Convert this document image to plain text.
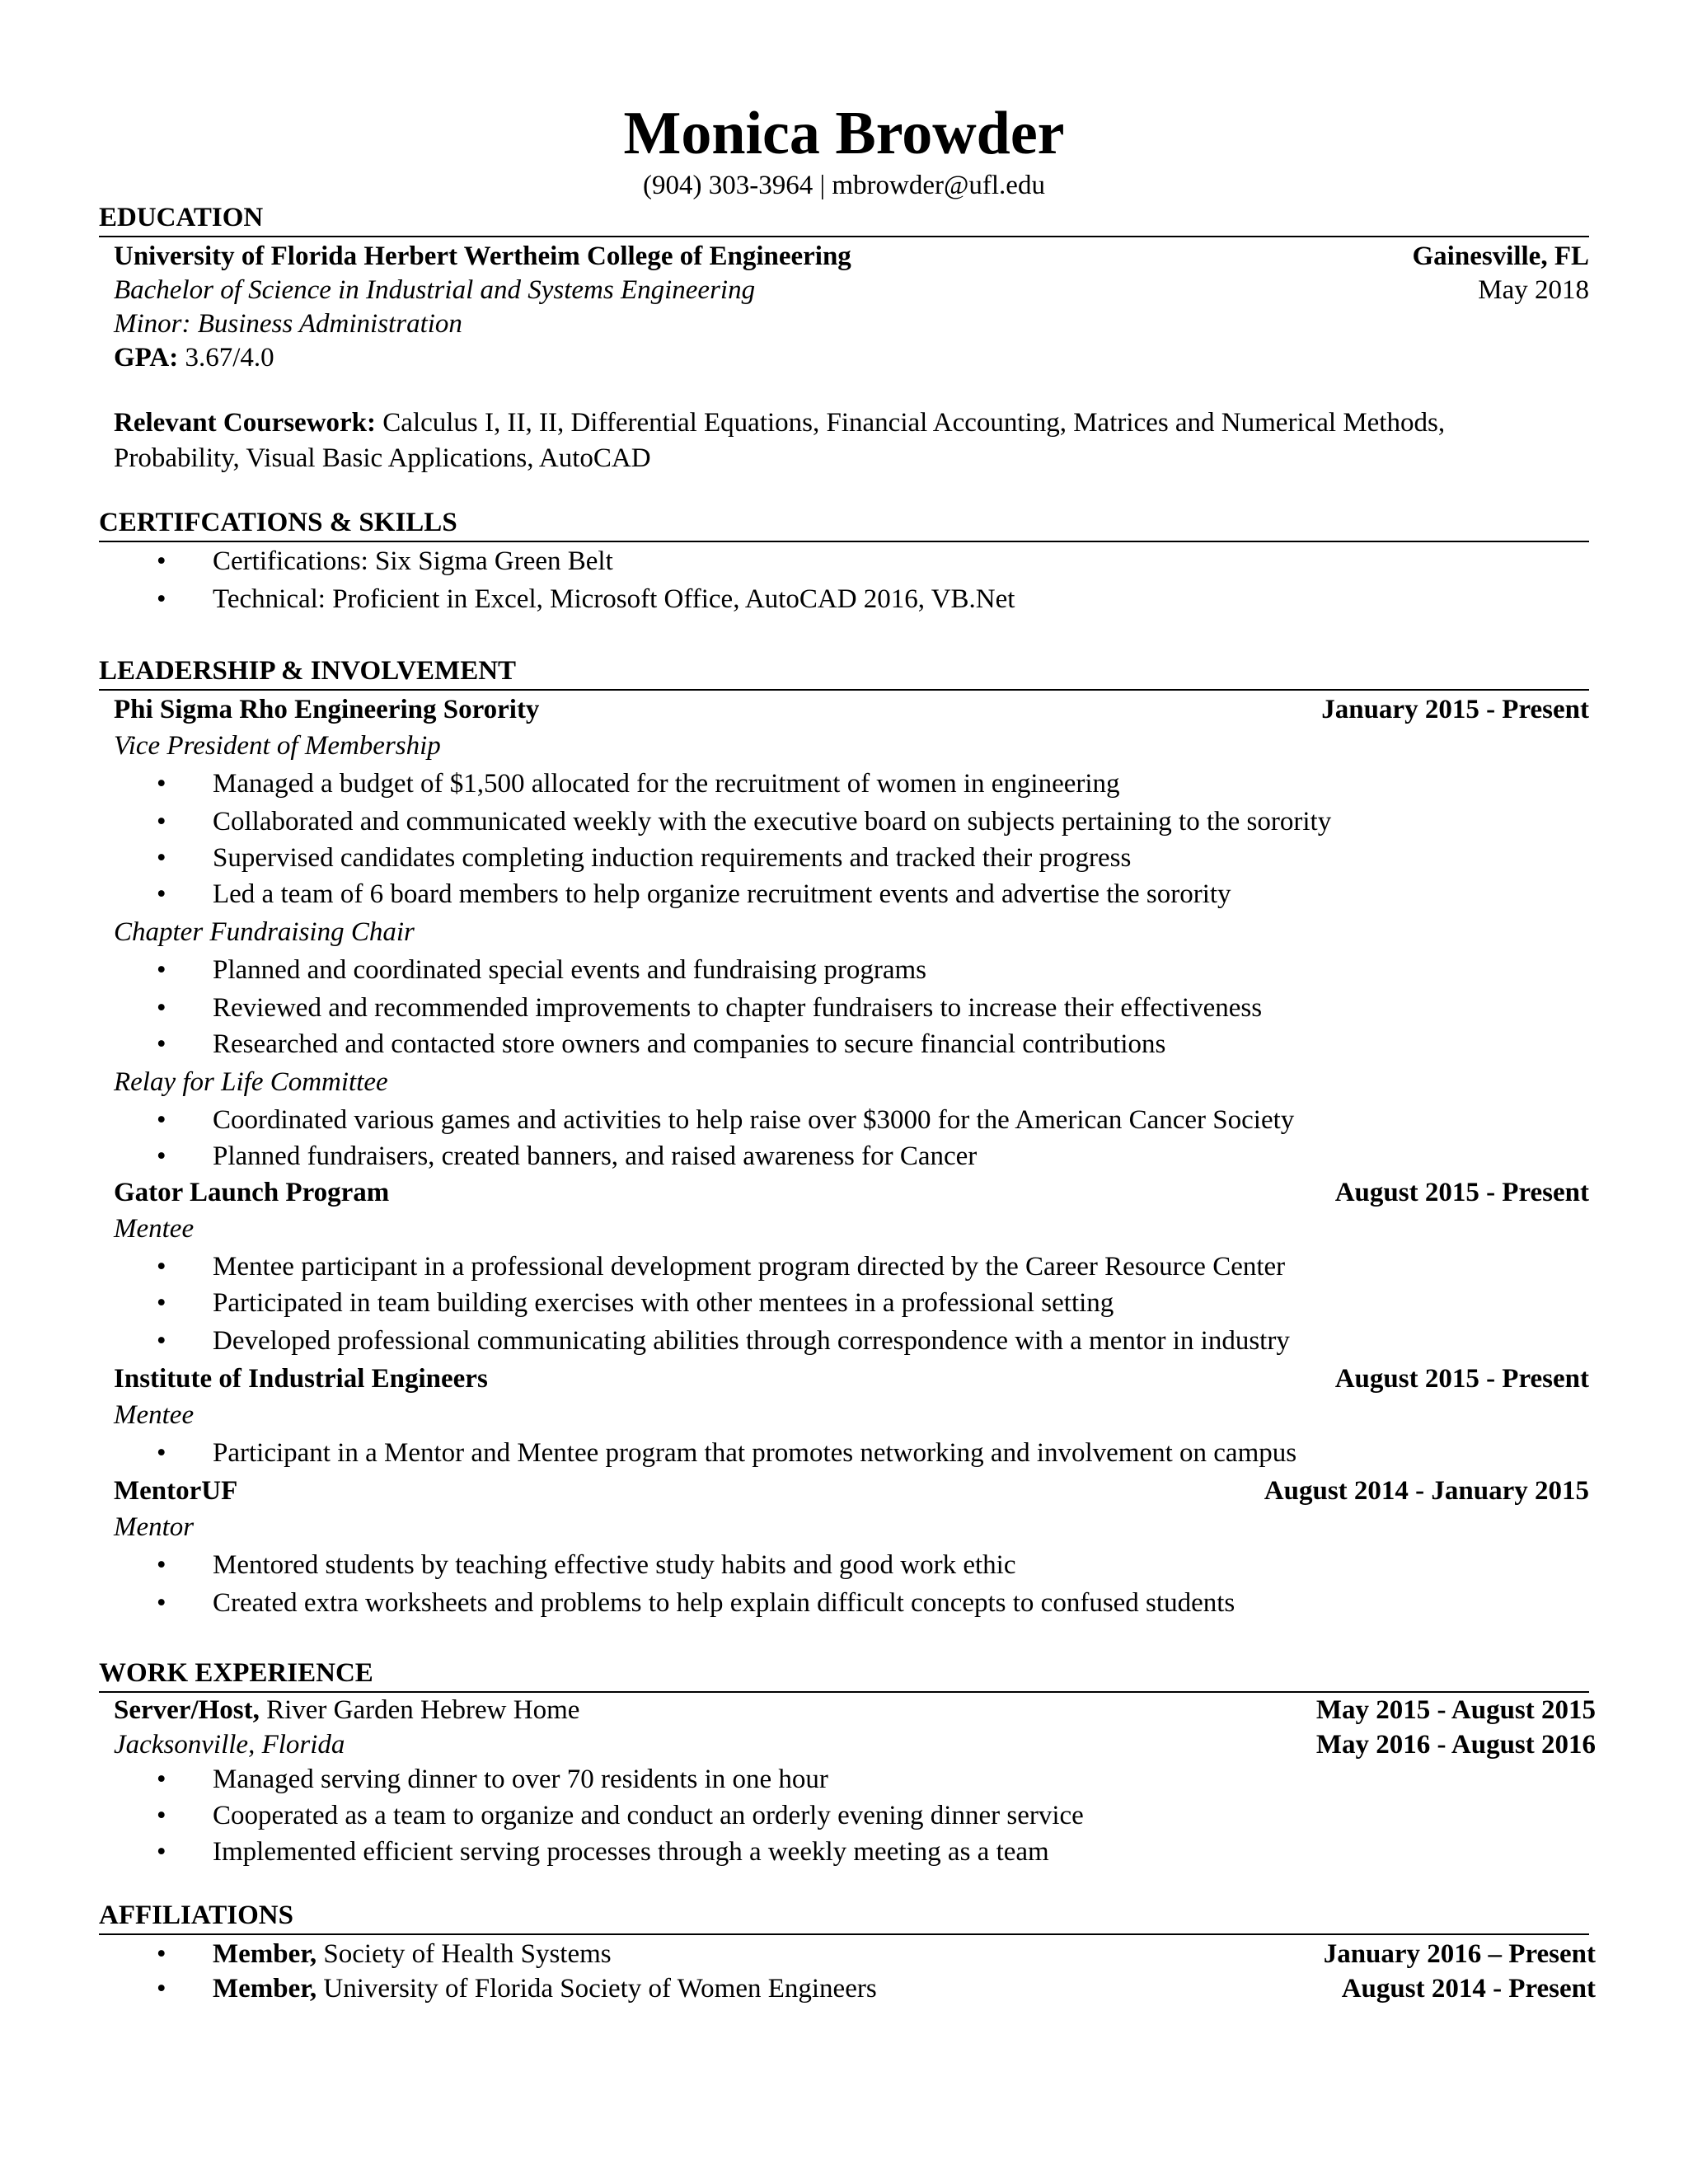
Monica Browder
(904) 303-3964 | mbrowder@ufl.edu
EDUCATION
University of Florida Herbert Wertheim College of Engineering	Gainesville, FL
Bachelor of Science in Industrial and Systems Engineering	May 2018
Minor: Business Administration
GPA: 3.67/4.0
Relevant Coursework: Calculus I, II, II, Differential Equations, Financial Accounting, Matrices and Numerical Methods, Probability, Visual Basic Applications, AutoCAD
CERTIFCATIONS & SKILLS
• Certifications: Six Sigma Green Belt
• Technical: Proficient in Excel, Microsoft Office, AutoCAD 2016, VB.Net
LEADERSHIP & INVOLVEMENT
Phi Sigma Rho Engineering Sorority	January 2015 - Present
Vice President of Membership
• Managed a budget of $1,500 allocated for the recruitment of women in engineering
• Collaborated and communicated weekly with the executive board on subjects pertaining to the sorority
• Supervised candidates completing induction requirements and tracked their progress
• Led a team of 6 board members to help organize recruitment events and advertise the sorority
Chapter Fundraising Chair
• Planned and coordinated special events and fundraising programs
• Reviewed and recommended improvements to chapter fundraisers to increase their effectiveness
• Researched and contacted store owners and companies to secure financial contributions
Relay for Life Committee
• Coordinated various games and activities to help raise over $3000 for the American Cancer Society
• Planned fundraisers, created banners, and raised awareness for Cancer
Gator Launch Program	August 2015 - Present
Mentee
• Mentee participant in a professional development program directed by the Career Resource Center
• Participated in team building exercises with other mentees in a professional setting
• Developed professional communicating abilities through correspondence with a mentor in industry
Institute of Industrial Engineers	August 2015 - Present
Mentee
• Participant in a Mentor and Mentee program that promotes networking and involvement on campus
MentorUF	August 2014 - January 2015
Mentor
• Mentored students by teaching effective study habits and good work ethic
• Created extra worksheets and problems to help explain difficult concepts to confused students
WORK EXPERIENCE
Server/Host, River Garden Hebrew Home	May 2015 - August 2015
Jacksonville, Florida	May 2016 - August 2016
• Managed serving dinner to over 70 residents in one hour
• Cooperated as a team to organize and conduct an orderly evening dinner service
• Implemented efficient serving processes through a weekly meeting as a team
AFFILIATIONS
• Member, Society of Health Systems	January 2016 – Present
• Member, University of Florida Society of Women Engineers	August 2014 - Present
